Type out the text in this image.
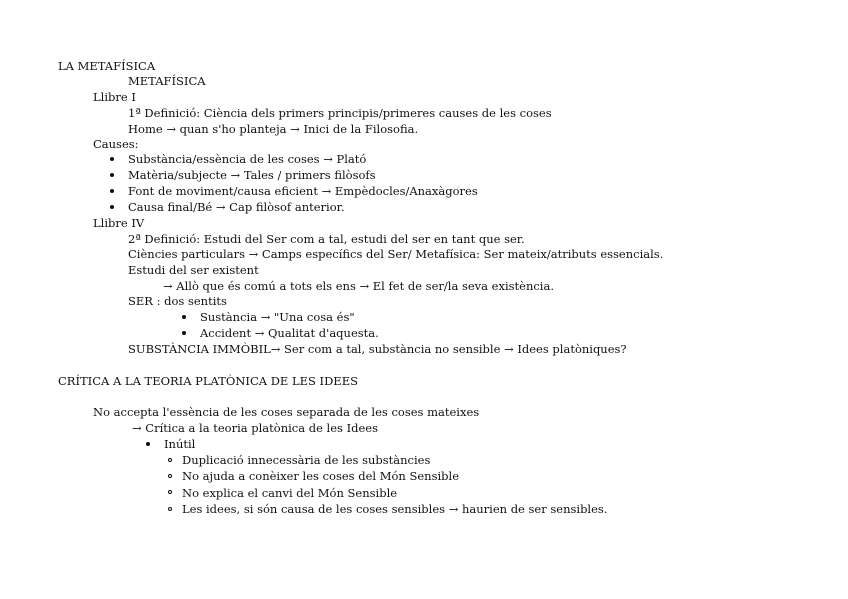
LA METAFÍSICA
METAFÍSICA
Llibre I
1ª Definició: Ciència dels primers principis/primeres causes de les coses
Home → quan s'ho planteja → Inici de la Filosofia.
Causes:
Substància/essència de les coses → Plató
Matèria/subjecte → Tales / primers filòsofs
Font de moviment/causa eficient → Empèdocles/Anaxàgores
Causa final/Bé → Cap filòsof anterior.
Llibre IV
2ª Definició: Estudi del Ser com a tal, estudi del ser en tant que ser.
Ciències particulars → Camps específics del Ser/ Metafísica: Ser mateix/atributs essencials.
Estudi del ser existent
→ Allò que és comú a tots els ens → El fet de ser/la seva existència.
SER : dos sentits
Sustància → "Una cosa és"
Accident → Qualitat d'aquesta.
SUBSTÀNCIA IMMÒBIL→ Ser com a tal, substància no sensible → Idees platòniques?
CRÍTICA A LA TEORIA PLATÒNICA DE LES IDEES
No accepta l'essència de les coses separada de les coses mateixes
→ Crítica a la teoria platònica de les Idees
Inútil
Duplicació innecessària de les substàncies
No ajuda a conèixer les coses del Món Sensible
No explica el canvi del Món Sensible
Les idees, si són causa de les coses sensibles → haurien de ser sensibles.
